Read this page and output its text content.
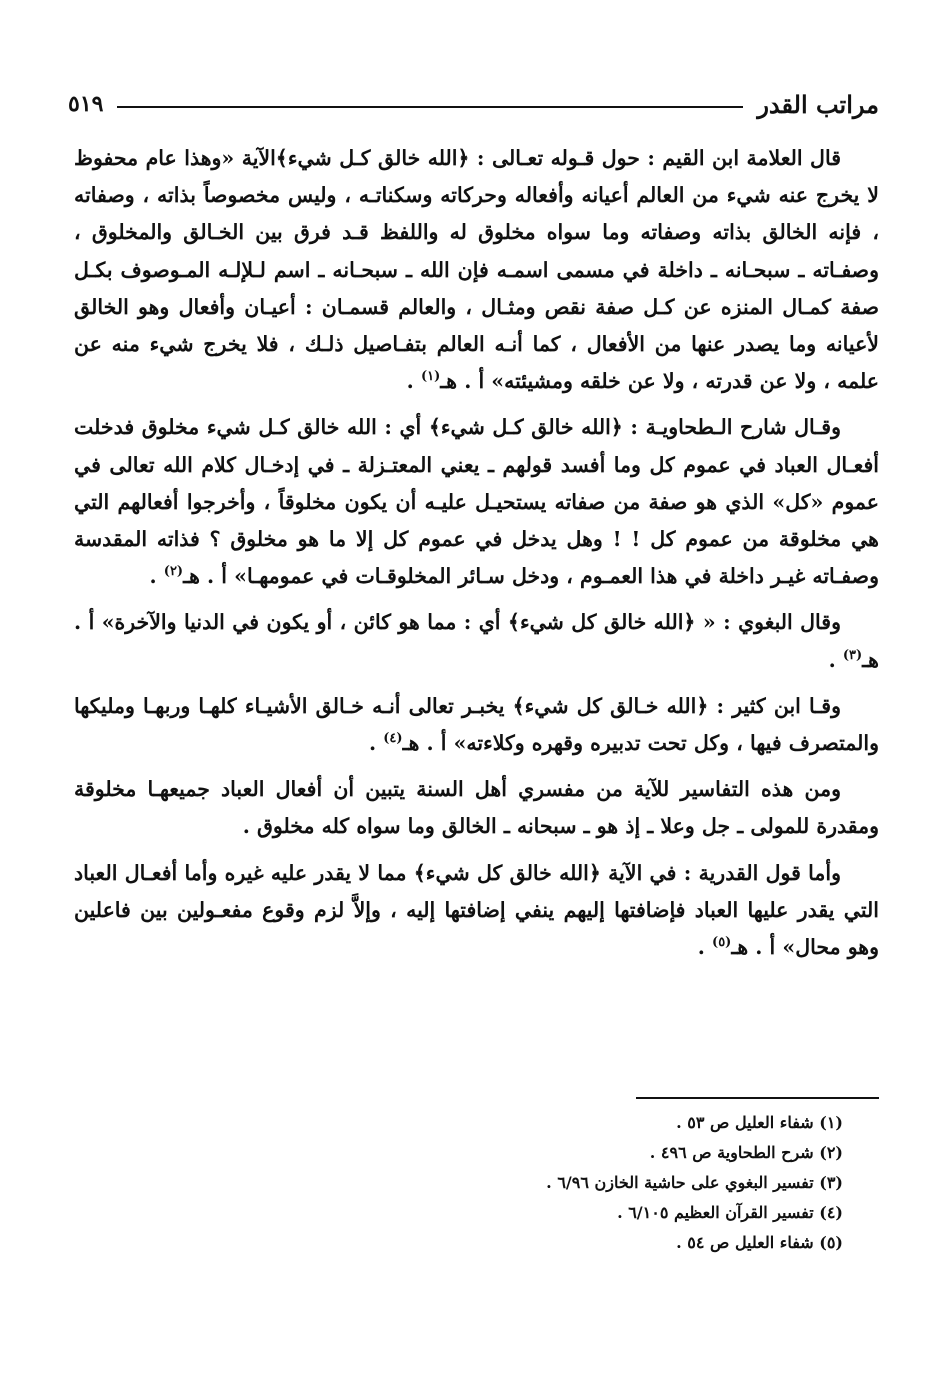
مراتب القدر
٥١٩

قال العلامة ابن القيم : حول قـوله تعـالى : ﴿الله خالق كـل شيء﴾الآية «وهذا عام محفوظ لا يخرج عنه شيء من العالم أعيانه وأفعاله وحركاته وسكناتـه ، وليس مخصوصاً بذاته ، وصفاته ، فإنه الخالق بذاته وصفاته وما سواه مخلوق له واللفظ قـد فرق بين الخـالق والمخلوق ، وصفـاته ـ سبحـانه ـ داخلة في مسمى اسمـه فإن الله ـ سبحـانه ـ اسم لـلإلـه المـوصوف بكـل صفة كمـال المنزه عن كـل صفة نقص ومثـال ، والعالم قسمـان : أعيـان وأفعال وهو الخالق لأعيانه وما يصدر عنها من الأفعال ، كما أنـه العالم بتفـاصيل ذلـك ، فلا يخرج شيء منه عن علمه ، ولا عن قدرته ، ولا عن خلقه ومشيئته» أ . هـ$^{(١)}$ .

وقـال شارح الـطحاويـة : ﴿الله خالق كـل شيء﴾ أي : الله خالق كـل شيء مخلوق فدخلت أفعـال العباد في عموم كل وما أفسد قولهم ـ يعني المعتـزلة ـ في إدخـال كلام الله تعالى في عموم «كل» الذي هو صفة من صفاته يستحيـل عليـه أن يكون مخلوقاً ، وأخرجوا أفعالهم التي هي مخلوقة من عموم كل ! ! وهل يدخل في عموم كل إلا ما هو مخلوق ؟ فذاته المقدسة وصفـاته غيـر داخلة في هذا العمـوم ، ودخل سـائر المخلوقـات في عمومهـا» أ . هـ$^{(٢)}$ .

وقال البغوي : « ﴿الله خالق كل شيء﴾ أي : مما هو كائن ، أو يكون في الدنيا والآخرة» أ . هـ$^{(٣)}$ .

وقـا ابن كثير : ﴿الله خـالق كل شيء﴾ يخبـر تعالى أنـه خـالق الأشيـاء كلهـا وربهـا ومليكها والمتصرف فيها ، وكل تحت تدبيره وقهره وكلاءته» أ . هـ$^{(٤)}$ .

ومن هذه التفاسير للآية من مفسري أهل السنة يتبين أن أفعال العباد جميعهـا مخلوقة ومقدرة للمولى ـ جل وعلا ـ إذ هو ـ سبحانه ـ الخالق وما سواه كله مخلوق .

وأما قول القدرية : في الآية ﴿الله خالق كل شيء﴾ مما لا يقدر عليه غيره وأما أفعـال العباد التي يقدر عليها العباد فإضافتها إليهم ينفي إضافتها إليه ، وإلاَّ لزم وقوع مفعـولين بين فاعلين وهو محال» أ . هـ$^{(٥)}$ .

(١) شفاء العليل ص ٥٣ .
(٢) شرح الطحاوية ص ٤٩٦ .
(٣) تفسير البغوي على حاشية الخازن ٦/٩٦ .
(٤) تفسير القرآن العظيم ٦/١٠٥ .
(٥) شفاء العليل ص ٥٤ .
